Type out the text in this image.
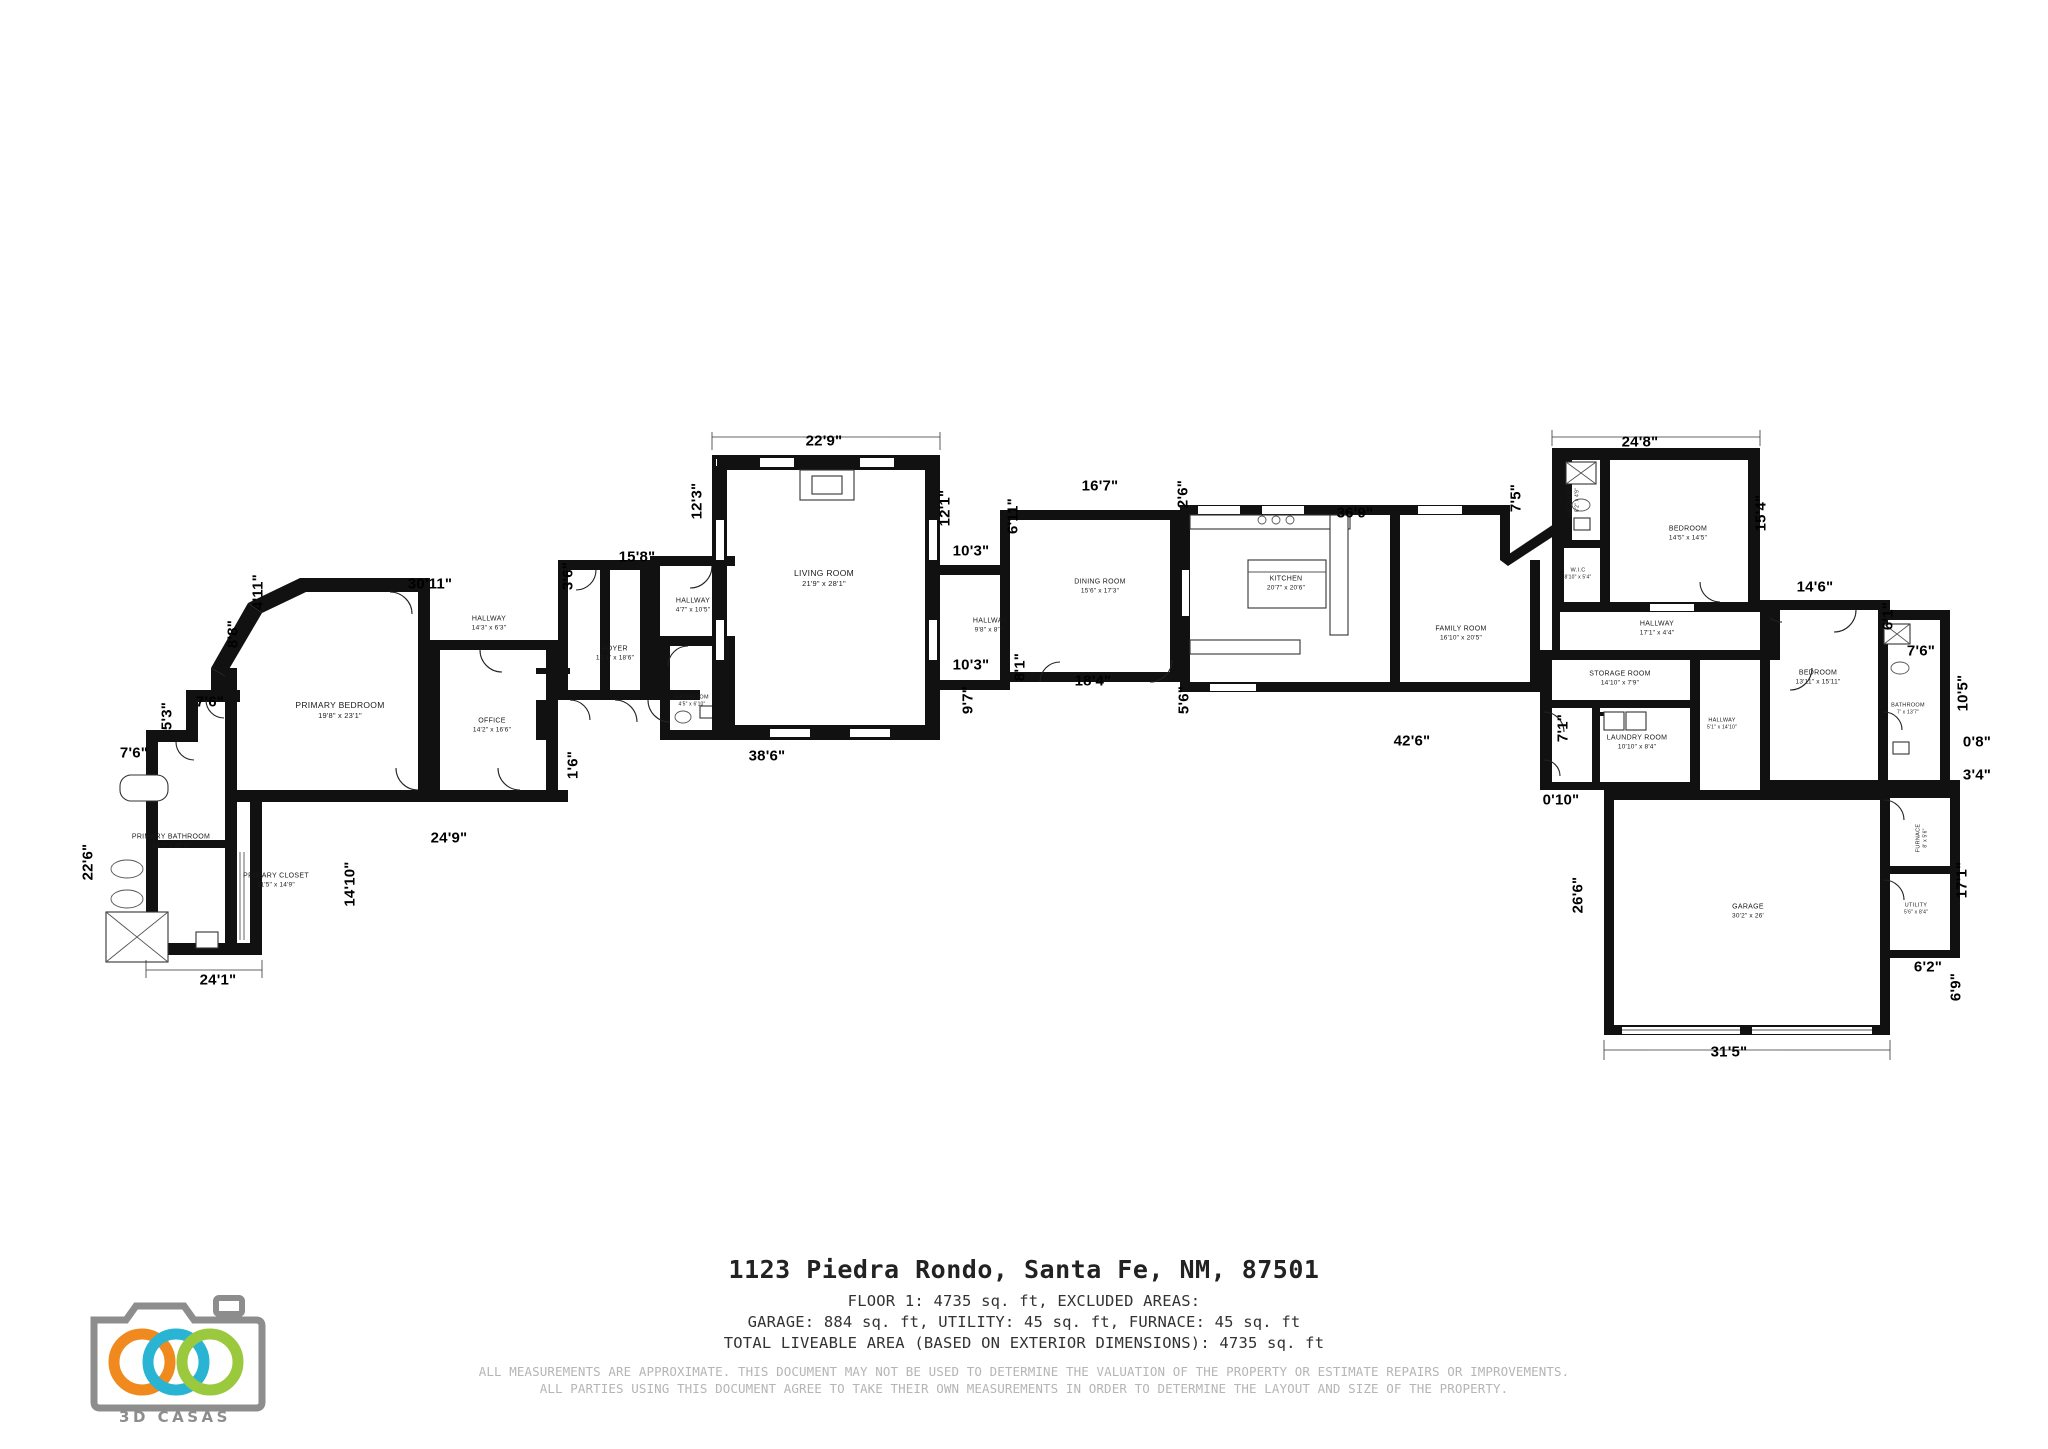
PRIMARY BEDROOM
19'8" x 23'1"
PRIMARY BATHROOM
14'7" x 26'6"
PRIMARY CLOSET
11'5" x 14'9"
HALLWAY
14'3" x 6'3"
OFFICE
14'2" x 16'6"
FOYER
13'4" x 18'6"
HALLWAY
4'7" x 10'5"
BATHROOM
4'5" x 6'10"
LIVING ROOM
21'9" x 28'1"
HALLWAY
9'8" x 8'7"
DINING ROOM
15'6" x 17'3"
KITCHEN
20'7" x 20'6"
FAMILY ROOM
16'10" x 20'5"
BATHROOM 8'2" x 4'9"
W.I.C
8'10" x 5'4"
BEDROOM
14'5" x 14'5"
HALLWAY
17'1" x 4'4"
STORAGE ROOM
14'10" x 7'9"
HALLWAY
5'1" x 14'10"
LAUNDRY ROOM
10'10" x 8'4"
BEDROOM
13'11" x 15'11"
BATHROOM
7' x 13'7"
GARAGE
30'2" x 26'
FURNACE 8' x 5'6"
UTILITY
5'6" x 8'4"
22'9"
12'3"	12'1"
15'8"
3'6"
30'11"
4'11"
8'8"
7'6"
5'3"
7'6"
22'6"
24'1"
14'10"
24'9"
1'6"	38'6"
9'7"
10'3" 8'1"	18'4"
5'6"
42'6"
10'3"
6'11"
16'7"	2'6"
36'9"
7'5"
24'8"
15'4"
14'6"
6'1"
7'6"
10'5"
0'8"
3'4"
17'1"
6'2"
6'9"
31'5"
26'6"
0'10"
7'1"
3D CASAS
1123 Piedra Rondo, Santa Fe, NM, 87501
FLOOR 1: 4735 sq. ft, EXCLUDED AREAS:
GARAGE: 884 sq. ft, UTILITY: 45 sq. ft, FURNACE: 45 sq. ft
TOTAL LIVEABLE AREA (BASED ON EXTERIOR DIMENSIONS): 4735 sq. ft
ALL MEASUREMENTS ARE APPROXIMATE. THIS DOCUMENT MAY NOT BE USED TO DETERMINE THE VALUATION OF THE PROPERTY OR ESTIMATE REPAIRS OR IMPROVEMENTS.
ALL PARTIES USING THIS DOCUMENT AGREE TO TAKE THEIR OWN MEASUREMENTS IN ORDER TO DETERMINE THE LAYOUT AND SIZE OF THE PROPERTY.
